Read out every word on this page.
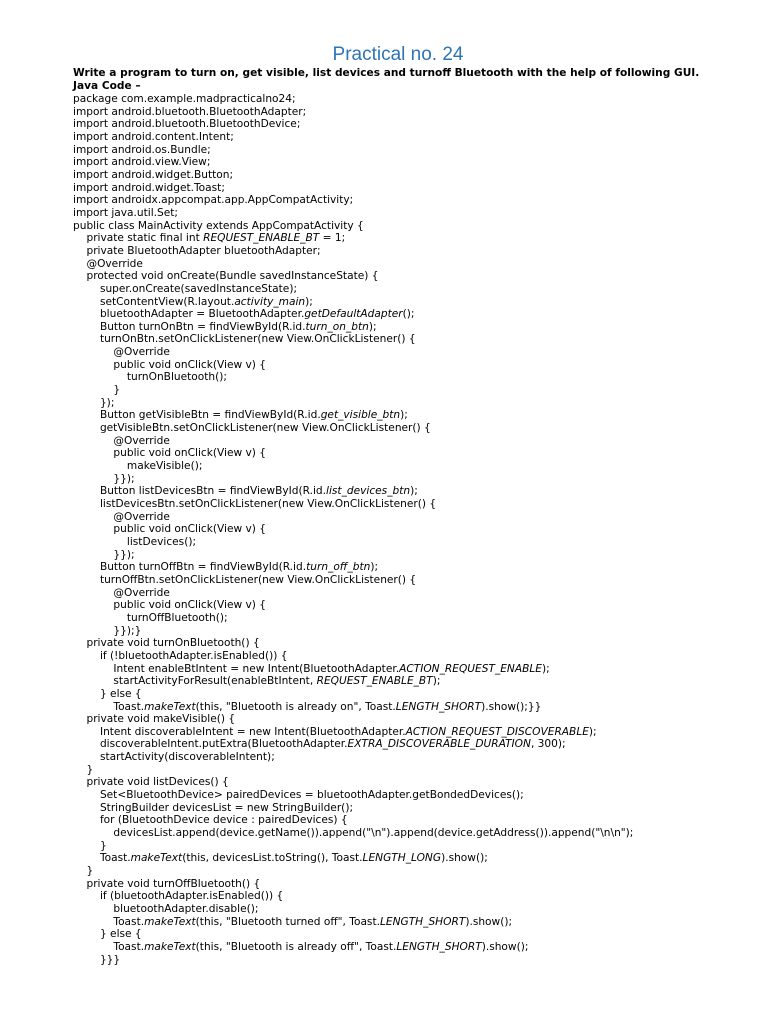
Practical no. 24
Write a program to turn on, get visible, list devices and turnoff Bluetooth with the help of following GUI.
Java Code –
package com.example.madpracticalno24;
import android.bluetooth.BluetoothAdapter;
import android.bluetooth.BluetoothDevice;
import android.content.Intent;
import android.os.Bundle;
import android.view.View;
import android.widget.Button;
import android.widget.Toast;
import androidx.appcompat.app.AppCompatActivity;
import java.util.Set;
public class MainActivity extends AppCompatActivity {
private static final int REQUEST_ENABLE_BT = 1;
private BluetoothAdapter bluetoothAdapter;
@Override
protected void onCreate(Bundle savedInstanceState) {
super.onCreate(savedInstanceState);
setContentView(R.layout.activity_main);
bluetoothAdapter = BluetoothAdapter.getDefaultAdapter();
Button turnOnBtn = findViewById(R.id.turn_on_btn);
turnOnBtn.setOnClickListener(new View.OnClickListener() {
@Override
public void onClick(View v) {
turnOnBluetooth();
}
});
Button getVisibleBtn = findViewById(R.id.get_visible_btn);
getVisibleBtn.setOnClickListener(new View.OnClickListener() {
@Override
public void onClick(View v) {
makeVisible();
}});
Button listDevicesBtn = findViewById(R.id.list_devices_btn);
listDevicesBtn.setOnClickListener(new View.OnClickListener() {
@Override
public void onClick(View v) {
listDevices();
}});
Button turnOffBtn = findViewById(R.id.turn_off_btn);
turnOffBtn.setOnClickListener(new View.OnClickListener() {
@Override
public void onClick(View v) {
turnOffBluetooth();
}});}
private void turnOnBluetooth() {
if (!bluetoothAdapter.isEnabled()) {
Intent enableBtIntent = new Intent(BluetoothAdapter.ACTION_REQUEST_ENABLE);
startActivityForResult(enableBtIntent, REQUEST_ENABLE_BT);
} else {
Toast.makeText(this, "Bluetooth is already on", Toast.LENGTH_SHORT).show();}}
private void makeVisible() {
Intent discoverableIntent = new Intent(BluetoothAdapter.ACTION_REQUEST_DISCOVERABLE);
discoverableIntent.putExtra(BluetoothAdapter.EXTRA_DISCOVERABLE_DURATION, 300);
startActivity(discoverableIntent);
}
private void listDevices() {
Set<BluetoothDevice> pairedDevices = bluetoothAdapter.getBondedDevices();
StringBuilder devicesList = new StringBuilder();
for (BluetoothDevice device : pairedDevices) {
devicesList.append(device.getName()).append("\n").append(device.getAddress()).append("\n\n");
}
Toast.makeText(this, devicesList.toString(), Toast.LENGTH_LONG).show();
}
private void turnOffBluetooth() {
if (bluetoothAdapter.isEnabled()) {
bluetoothAdapter.disable();
Toast.makeText(this, "Bluetooth turned off", Toast.LENGTH_SHORT).show();
} else {
Toast.makeText(this, "Bluetooth is already off", Toast.LENGTH_SHORT).show();
}}}
